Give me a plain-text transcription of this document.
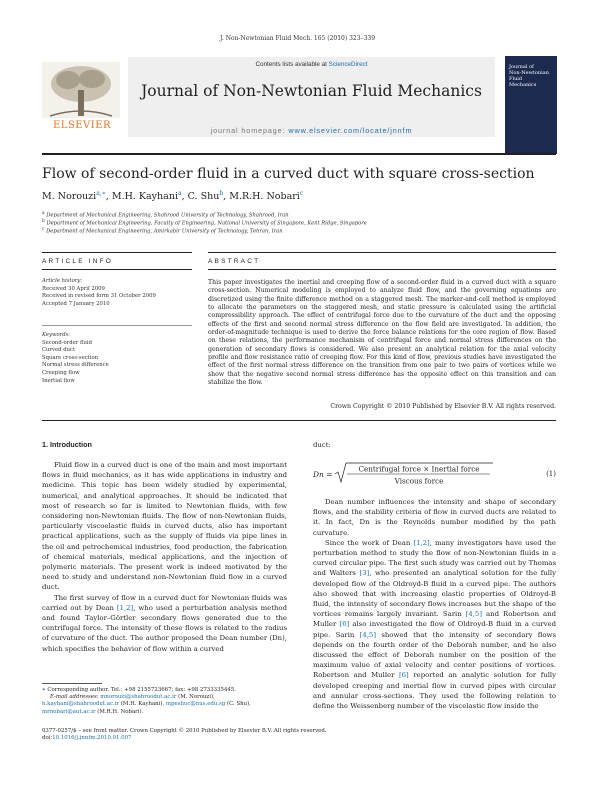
J. Non-Newtonian Fluid Mech. 165 (2010) 323–339
ELSEVIER
Contents lists available at ScienceDirect
Journal of Non-Newtonian Fluid Mechanics
journal homepage: www.elsevier.com/locate/jnnfm
Journal of
Non-Newtonian
Fluid
Mechanics
Flow of second-order fluid in a curved duct with square cross-section
M. Norouzi$^{a,∗}$, M.H. Kayhani$^a$, C. Shu$^b$, M.R.H. Nobari$^c$
$^a$ Department of Mechanical Engineering, Shahrood University of Technology, Shahrood, Iran
$^b$ Department of Mechanical Engineering, Faculty of Engineering, National University of Singapore, Kent Ridge, Singapore
$^c$ Department of Mechanical Engineering, Amirkabir University of Technology, Tehran, Iran
ARTICLE INFO
Article history:
Received 30 April 2009
Received in revised form 31 October 2009
Accepted 7 January 2010
Keywords:
Second-order fluid
Curved duct
Square cross-section
Normal stress difference
Creeping flow
Inertial flow
ABSTRACT
This paper investigates the inertial and creeping flow of a second-order fluid in a curved duct with a square cross-section. Numerical modeling is employed to analyze fluid flow, and the governing equations are discretized using the finite difference method on a staggered mesh. The marker-and-cell method is employed to allocate the parameters on the staggered mesh, and static pressure is calculated using the artificial compressibility approach. The effect of centrifugal force due to the curvature of the duct and the opposing effects of the first and second normal stress difference on the flow field are investigated. In addition, the order-of-magnitude technique is used to derive the force balance relations for the core region of flow. Based on these relations, the performance mechanism of centrifugal force and normal stress differences on the generation of secondary flows is considered. We also present an analytical relation for the axial velocity profile and flow resistance ratio of creeping flow. For this kind of flow, previous studies have investigated the effect of the first normal stress difference on the transition from one pair to two pairs of vortices while we show that the negative second normal stress difference has the opposite effect on this transition and can stabilize the flow.
Crown Copyright © 2010 Published by Elsevier B.V. All rights reserved.
1. Introduction

Fluid flow in a curved duct is one of the main and most important flows in fluid mechanics, as it has wide applications in industry and medicine. This topic has been widely studied by experimental, numerical, and analytical approaches. It should be indicated that most of research so far is limited to Newtonian fluids, with few considering non-Newtonian fluids. The flow of non-Newtonian fluids, particularly viscoelastic fluids in curved ducts, also has important practical applications, such as the supply of fluids via pipe lines in the oil and petrochemical industries, food production, the fabrication of chemical materials, medical applications, and the injection of polymeric materials. The present work is indeed motivated by the need to study and understand non-Newtonian fluid flow in a curved duct.

The first survey of flow in a curved duct for Newtonian fluids was carried out by Dean [1,2], who used a perturbation analysis method and found Taylor–Görtler secondary flows generated due to the centrifugal force. The intensity of these flows is related to the radius of curvature of the duct. The author proposed the Dean number (Dn), which specifies the behavior of flow within a curved

duct:
Dn =
Centrifugal force × Inertial force
Viscous force
(1)

Dean number influences the intensity and shape of secondary flows, and the stability criteria of flow in curved ducts are related to it. In fact, Dn is the Reynolds number modified by the path curvature.

Since the work of Dean [1,2], many investigators have used the perturbation method to study the flow of non-Newtonian fluids in a curved circular pipe. The first such study was carried out by Thomas and Walters [3], who presented an analytical solution for the fully developed flow of the Oldroyd-B fluid in a curved pipe. The authors also showed that with increasing elastic properties of Oldroyd-B fluid, the intensity of secondary flows increases but the shape of the vortices remains largely invariant. Sarin [4,5] and Robertson and Muller [6] also investigated the flow of Oldroyd-B fluid in a curved pipe. Sarin [4,5] showed that the intensity of secondary flows depends on the fourth order of the Deborah number, and he also discussed the effect of Deborah number on the position of the maximum value of axial velocity and center positions of vortices. Robertson and Muller [6] reported an analytic solution for fully developed creeping and inertial flow in curved pipes with circular and annular cross-sections. They used the following relation to define the Weissenberg number of the viscelastic flow inside the

∗ Corresponding author. Tel.: +98 2155723667; fax: +98 2733335445.
E-mail addresses: mnorouzi@shahroodut.ac.ir (M. Norouzi),
h.kayhani@shahroodut.ac.ir (M.H. Kayhani), mpeshuc@nus.edu.sg (C. Shu),
mrnobari@aut.ac.ir (M.R.H. Nobari).
0377-0257/$ – see front matter. Crown Copyright © 2010 Published by Elsevier B.V. All rights reserved.
doi:10.1016/j.jnnfm.2010.01.007
